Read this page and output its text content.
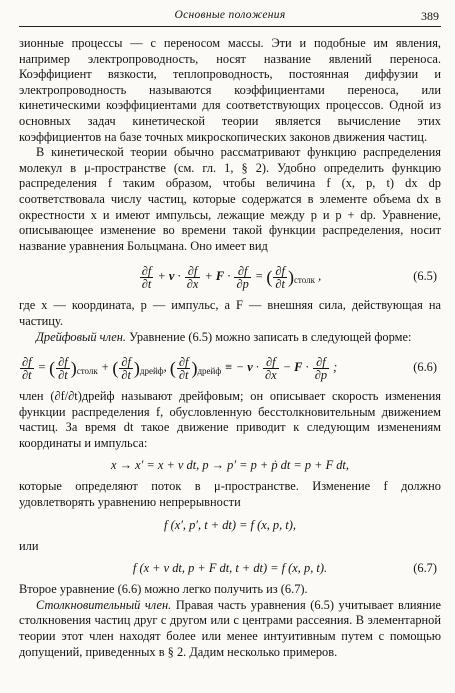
Основные положения	389

зионные процессы — с переносом массы. Эти и подобные им явления, например электропроводность, носят название явлений переноса. Коэффициент вязкости, теплопроводность, постоянная диффузии и электропроводность называются коэффициентами переноса, или кинетическими коэффициентами для соответствующих процессов. Одной из основных задач кинетической теории является вычисление этих коэффициентов на базе точных микроскопических законов движения частиц.

В кинетической теории обычно рассматривают функцию распределения молекул в μ-пространстве (см. гл. 1, § 2). Удобно определить функцию распределения f таким образом, чтобы величина f (x, p, t) dx dp соответствовала числу частиц, которые содержатся в элементе объема dx в окрестности x и имеют импульсы, лежащие между p и p + dp. Уравнение, описывающее изменение во времени такой функции распределения, носит название уравнения Больцмана. Оно имеет вид

$\frac{\partial f}{\partial t} + v \cdot \frac{\partial f}{\partial x} + F \cdot \frac{\partial f}{\partial p}$ = ( $\frac{\partial f}{\partial t} )_{столк}$ ,	(6.5)

где x — координата, p — импульс, а F — внешняя сила, действующая на частицу.

Дрейфовый член. Уравнение (6.5) можно записать в следующей форме:

$\frac{\partial f}{\partial t}$ = ( $\frac{\partial f}{\partial t} )_{столк}$ + ( $\frac{\partial f}{\partial t} )_{дрейф}$, ( $\frac{\partial f}{\partial t} )_{дрейф}$ ≡ − $v \cdot \frac{\partial f}{\partial x} - F \cdot \frac{\partial f}{\partial p}$ ;	(6.6)

член (∂f/∂t)дрейф называют дрейфовым; он описывает скорость изменения функции распределения f, обусловленную бесстолкновительным движением частиц. За время dt такое движение приводит к следующим изменениям координаты и импульса:

x → x′ = x + v dt, p → p′ = p + ṗ dt = p + F dt,

которые определяют поток в μ-пространстве. Изменение f должно удовлетворять уравнению непрерывности

f (x′, p′, t + dt) = f (x, p, t),

или

f (x + v dt, p + F dt, t + dt) = f (x, p, t).	(6.7)

Второе уравнение (6.6) можно легко получить из (6.7).

Столкновительный член. Правая часть уравнения (6.5) учитывает влияние столкновения частиц друг с другом или с центрами рассеяния. В элементарной теории этот член находят более или менее интуитивным путем с помощью допущений, приведенных в § 2. Дадим несколько примеров.
